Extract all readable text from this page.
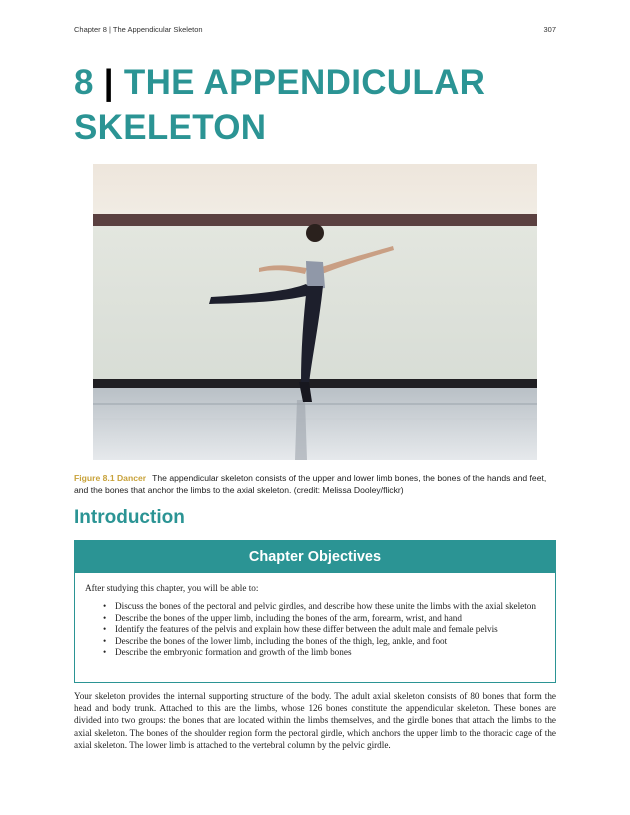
Chapter 8 | The Appendicular Skeleton	307
8 | THE APPENDICULAR
SKELETON
Figure 8.1 Dancer The appendicular skeleton consists of the upper and lower limb bones, the bones of the hands and feet, and the bones that anchor the limbs to the axial skeleton. (credit: Melissa Dooley/flickr)
Introduction
Chapter Objectives
After studying this chapter, you will be able to:
• Discuss the bones of the pectoral and pelvic girdles, and describe how these unite the limbs with the axial skeleton
• Describe the bones of the upper limb, including the bones of the arm, forearm, wrist, and hand
• Identify the features of the pelvis and explain how these differ between the adult male and female pelvis
• Describe the bones of the lower limb, including the bones of the thigh, leg, ankle, and foot
• Describe the embryonic formation and growth of the limb bones

Your skeleton provides the internal supporting structure of the body. The adult axial skeleton consists of 80 bones that form the head and body trunk. Attached to this are the limbs, whose 126 bones constitute the appendicular skeleton. These bones are divided into two groups: the bones that are located within the limbs themselves, and the girdle bones that attach the limbs to the axial skeleton. The bones of the shoulder region form the pectoral girdle, which anchors the upper limb to the thoracic cage of the axial skeleton. The lower limb is attached to the vertebral column by the pelvic girdle.
